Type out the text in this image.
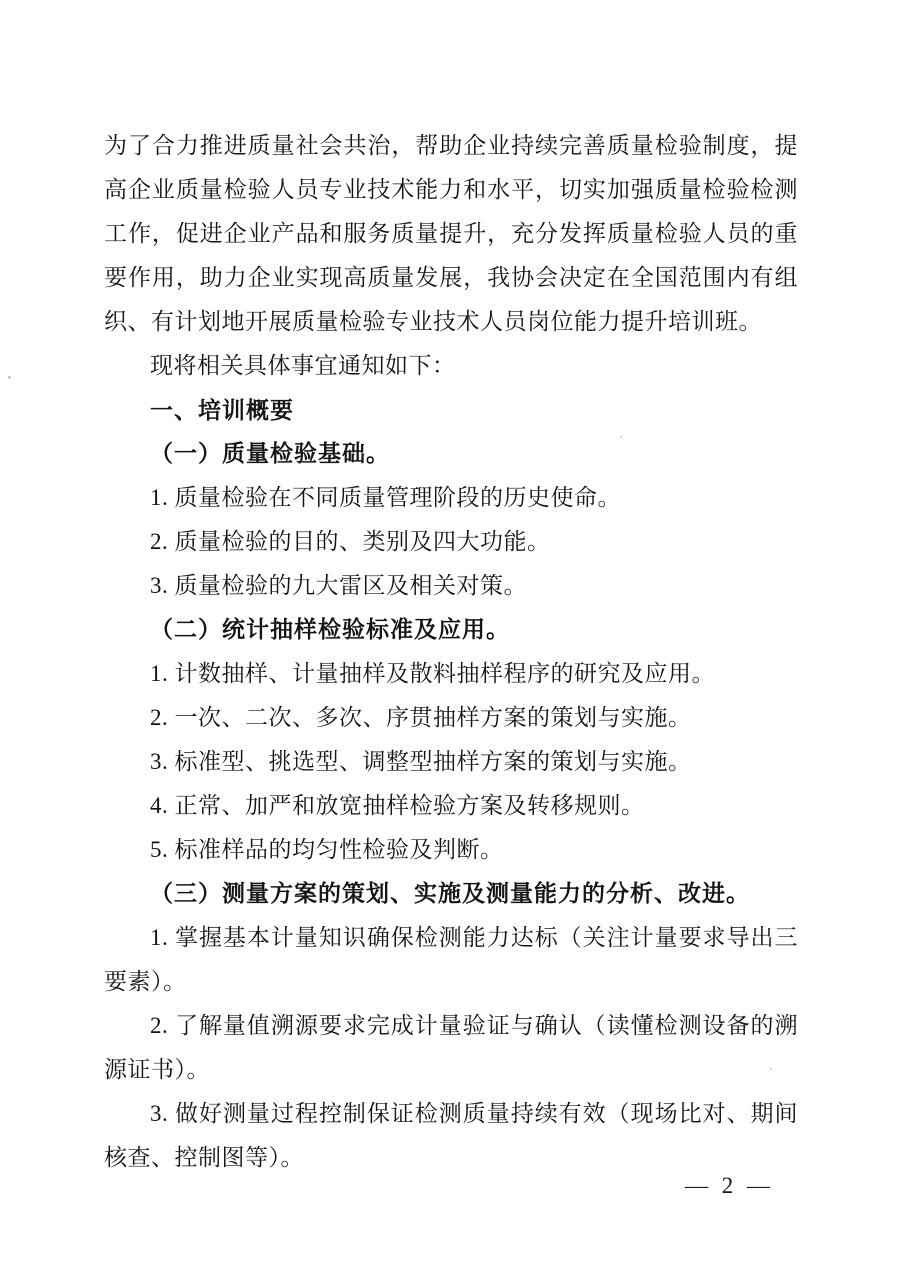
为了合力推进质量社会共治，帮助企业持续完善质量检验制度，提高企业质量检验人员专业技术能力和水平，切实加强质量检验检测工作，促进企业产品和服务质量提升，充分发挥质量检验人员的重要作用，助力企业实现高质量发展，我协会决定在全国范围内有组织、有计划地开展质量检验专业技术人员岗位能力提升培训班。

现将相关具体事宜通知如下：

一、培训概要

（一）质量检验基础。

1. 质量检验在不同质量管理阶段的历史使命。

2. 质量检验的目的、类别及四大功能。

3. 质量检验的九大雷区及相关对策。

（二）统计抽样检验标准及应用。

1. 计数抽样、计量抽样及散料抽样程序的研究及应用。

2. 一次、二次、多次、序贯抽样方案的策划与实施。

3. 标准型、挑选型、调整型抽样方案的策划与实施。

4. 正常、加严和放宽抽样检验方案及转移规则。

5. 标准样品的均匀性检验及判断。

（三）测量方案的策划、实施及测量能力的分析、改进。

1. 掌握基本计量知识确保检测能力达标（关注计量要求导出三要素）。

2. 了解量值溯源要求完成计量验证与确认（读懂检测设备的溯源证书）。

3. 做好测量过程控制保证检测质量持续有效（现场比对、期间核查、控制图等）。

— 2 —
